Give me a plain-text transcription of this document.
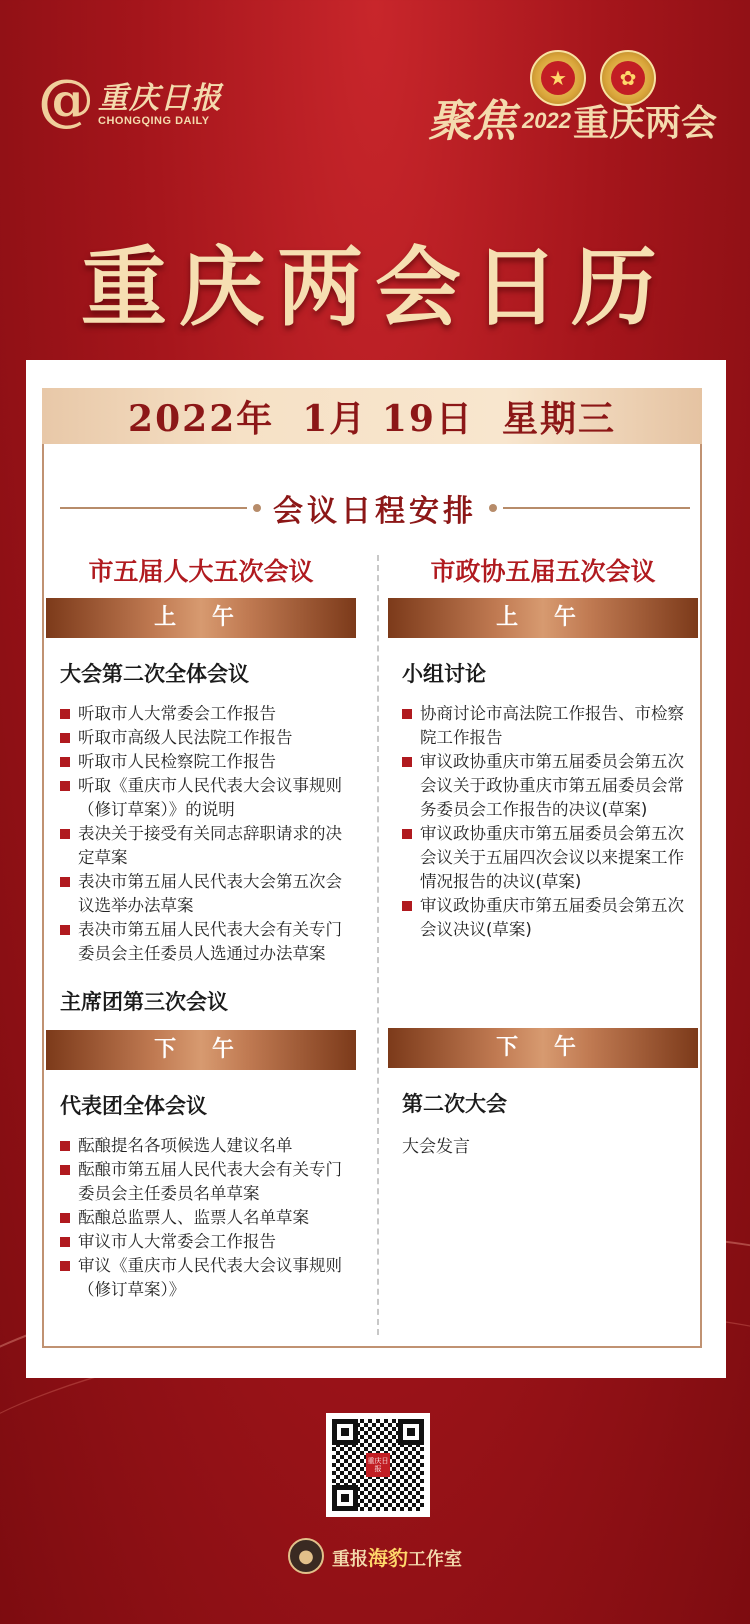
@ 重庆日报
CHONGQING DAILY
★	✿
聚焦 2022 重庆两会
重庆两会日历
2022年 1月 19日 星期三
会议日程安排
市五届人大五次会议
上 午
大会第二次全体会议
听取市人大常委会工作报告
听取市高级人民法院工作报告
听取市人民检察院工作报告
听取《重庆市人民代表大会议事规则（修订草案）》的说明
表决关于接受有关同志辞职请求的决定草案
表决市第五届人民代表大会第五次会议选举办法草案
表决市第五届人民代表大会有关专门委员会主任委员人选通过办法草案
主席团第三次会议
下 午
代表团全体会议
酝酿提名各项候选人建议名单
酝酿市第五届人民代表大会有关专门委员会主任委员名单草案
酝酿总监票人、监票人名单草案
审议市人大常委会工作报告
审议《重庆市人民代表大会议事规则（修订草案）》
市政协五届五次会议
上 午
小组讨论
协商讨论市高法院工作报告、市检察院工作报告
审议政协重庆市第五届委员会第五次会议关于政协重庆市第五届委员会常务委员会工作报告的决议(草案)
审议政协重庆市第五届委员会第五次会议关于五届四次会议以来提案工作情况报告的决议(草案)
审议政协重庆市第五届委员会第五次会议决议(草案)
下 午
第二次大会
大会发言
重庆日报
●	重报海豹工作室
